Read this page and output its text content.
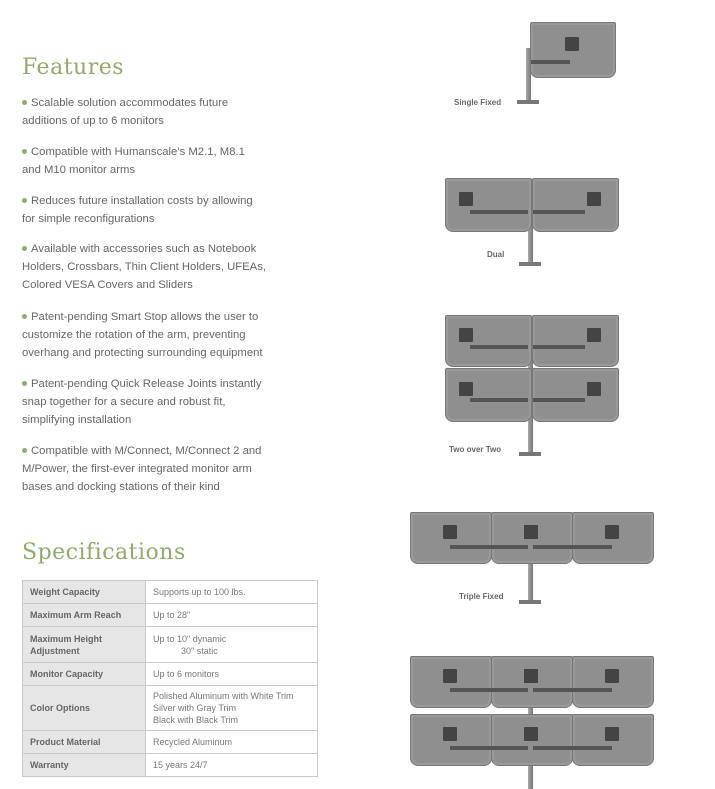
Features
Scalable solution accommodates future
additions of up to 6 monitors
Compatible with Humanscale’s M2.1, M8.1
and M10 monitor arms
Reduces future installation costs by allowing
for simple reconfigurations
Available with accessories such as Notebook
Holders, Crossbars, Thin Client Holders, UFEAs,
Colored VESA Covers and Sliders
Patent-pending Smart Stop allows the user to
customize the rotation of the arm, preventing
overhang and protecting surrounding equipment
Patent-pending Quick Release Joints instantly
snap together for a secure and robust fit,
simplifying installation
Compatible with M/Connect, M/Connect 2 and
M/Power, the first-ever integrated monitor arm
bases and docking stations of their kind
Specifications
Weight Capacity	Supports up to 100 lbs.

Maximum Arm Reach	Up to 28"

Maximum Height Adjustment	Up to 10" dynamic
30" static

Monitor Capacity	Up to 6 monitors

Color Options	Polished Aluminum with White Trim
Silver with Gray Trim
Black with Black Trim

Product Material	Recycled Aluminum

Warranty	15 years 24/7
Single Fixed
Dual
Two over Two
Triple Fixed
